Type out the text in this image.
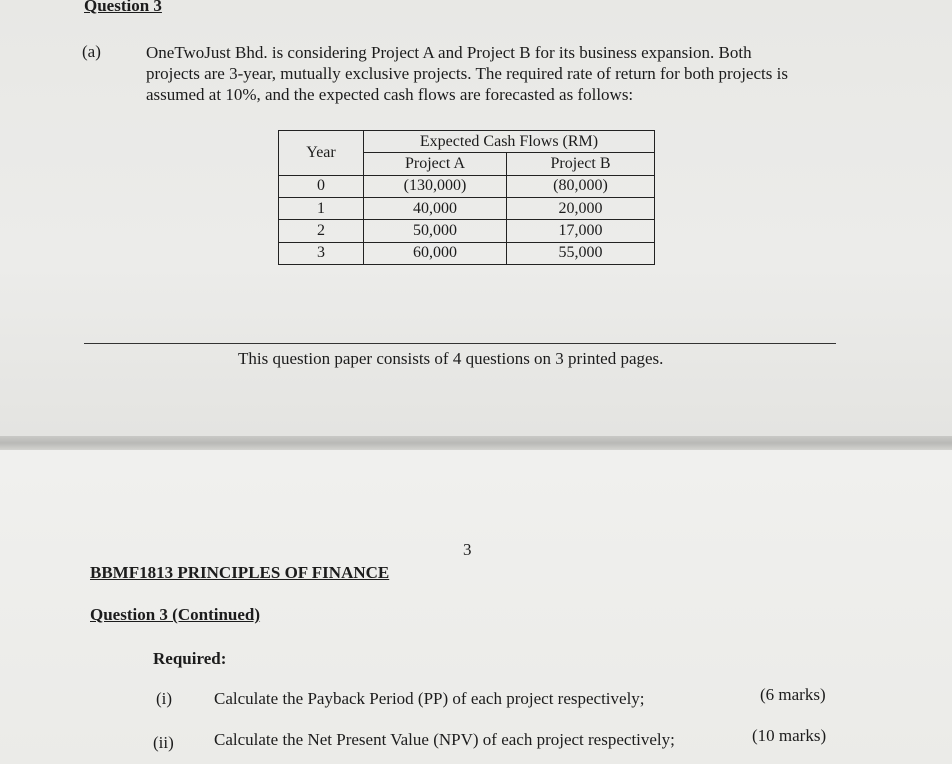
Question 3
(a)	OneTwoJust Bhd. is considering Project A and Project B for its business expansion. Both
projects are 3-year, mutually exclusive projects. The required rate of return for both projects is
assumed at 10%, and the expected cash flows are forecasted as follows:
Year	Expected Cash Flows (RM)	
	Project A	Project B
0	(130,000)	(80,000)
1	40,000	20,000
2	50,000	17,000
3	60,000	55,000
This question paper consists of 4 questions on 3 printed pages.
3
BBMF1813 PRINCIPLES OF FINANCE
Question 3 (Continued)
Required:
(i) Calculate the Payback Period (PP) of each project respectively;	(6 marks)
(ii) Calculate the Net Present Value (NPV) of each project respectively;	(10 marks)
